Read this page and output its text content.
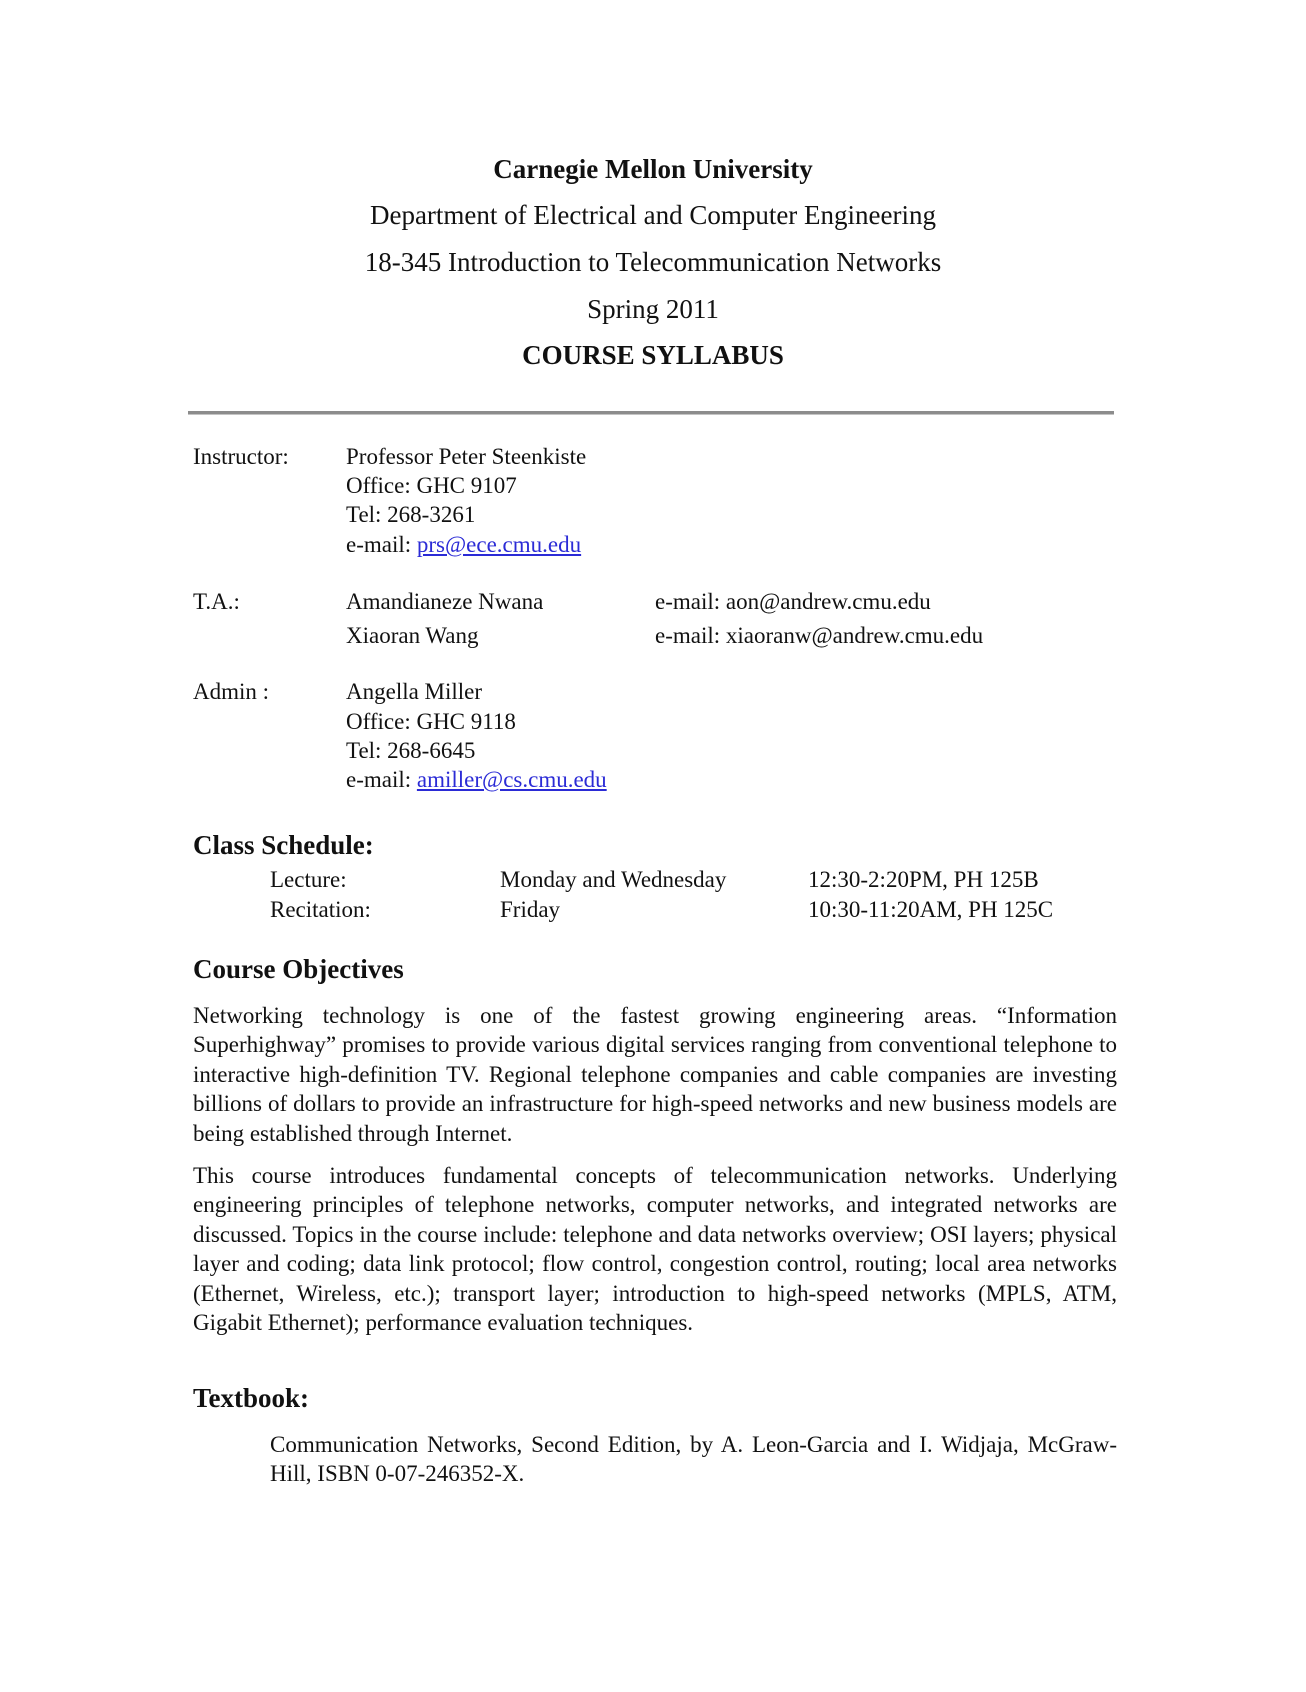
Carnegie Mellon University
Department of Electrical and Computer Engineering
18-345 Introduction to Telecommunication Networks
Spring 2011
COURSE SYLLABUS
Instructor: Professor Peter Steenkiste
Office: GHC 9107
Tel: 268-3261
e-mail: prs@ece.cmu.edu
T.A.:	Amandianeze Nwana	e-mail: aon@andrew.cmu.edu
Xiaoran Wang	e-mail: xiaoranw@andrew.cmu.edu
Admin :	Angella Miller
Office: GHC 9118
Tel: 268-6645
e-mail: amiller@cs.cmu.edu
Class Schedule:
Lecture:	Monday and Wednesday	12:30-2:20PM, PH 125B
Recitation:	Friday	10:30-11:20AM, PH 125C
Course Objectives
Networking technology is one of the fastest growing engineering areas. “Information Superhighway” promises to provide various digital services ranging from conventional telephone to interactive high-definition TV. Regional telephone companies and cable companies are investing billions of dollars to provide an infrastructure for high-speed networks and new business models are being established through Internet.
This course introduces fundamental concepts of telecommunication networks. Underlying engineering principles of telephone networks, computer networks, and integrated networks are discussed. Topics in the course include: telephone and data networks overview; OSI layers; physical layer and coding; data link protocol; flow control, congestion control, routing; local area networks (Ethernet, Wireless, etc.); transport layer; introduction to high-speed networks (MPLS, ATM, Gigabit Ethernet); performance evaluation techniques.
Textbook:
Communication Networks, Second Edition, by A. Leon-Garcia and I. Widjaja, McGraw-Hill, ISBN 0-07-246352-X.
